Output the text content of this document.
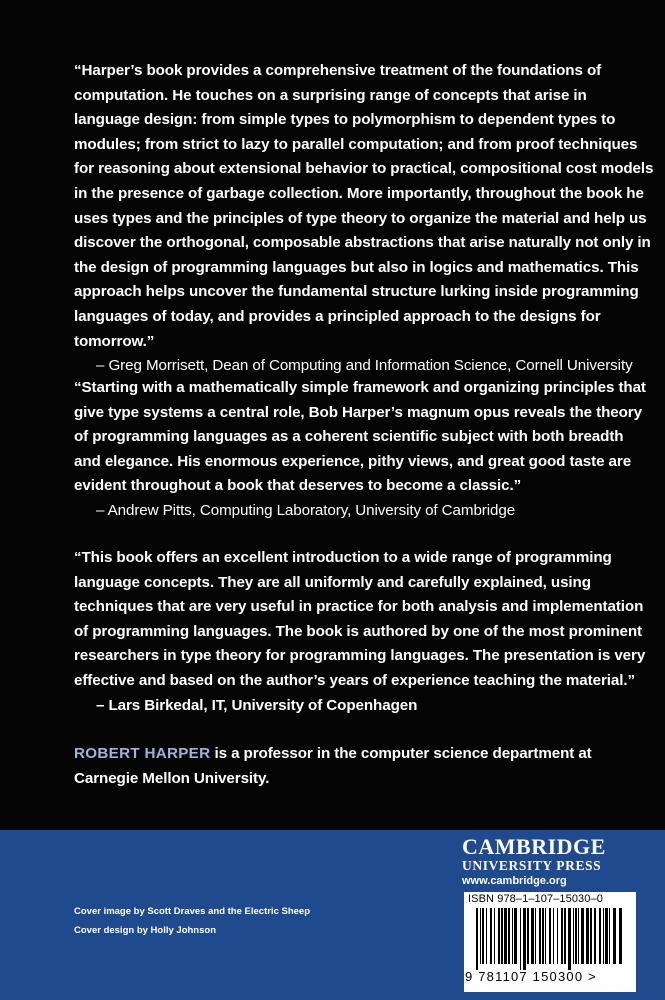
“Harper’s book provides a comprehensive treatment of the foundations of computation. He touches on a surprising range of concepts that arise in language design: from simple types to polymorphism to dependent types to modules; from strict to lazy to parallel computation; and from proof techniques for reasoning about extensional behavior to practical, compositional cost models in the presence of garbage collection. More importantly, throughout the book he uses types and the principles of type theory to organize the material and help us discover the orthogonal, composable abstractions that arise naturally not only in the design of programming languages but also in logics and mathematics. This approach helps uncover the fundamental structure lurking inside programming languages of today, and provides a principled approach to the designs for tomorrow.”
– Greg Morrisett, Dean of Computing and Information Science, Cornell University
“Starting with a mathematically simple framework and organizing principles that give type systems a central role, Bob Harper’s magnum opus reveals the theory of programming languages as a coherent scientific subject with both breadth and elegance. His enormous experience, pithy views, and great good taste are evident throughout a book that deserves to become a classic.”
– Andrew Pitts, Computing Laboratory, University of Cambridge
“This book offers an excellent introduction to a wide range of programming language concepts. They are all uniformly and carefully explained, using techniques that are very useful in practice for both analysis and implementation of programming languages. The book is authored by one of the most prominent researchers in type theory for programming languages. The presentation is very effective and based on the author’s years of experience teaching the material.”
– Lars Birkedal, IT, University of Copenhagen
ROBERT HARPER is a professor in the computer science department at Carnegie Mellon University.
Cover image by Scott Draves and the Electric Sheep
Cover design by Holly Johnson
CAMBRIDGE
UNIVERSITY PRESS
www.cambridge.org
ISBN 978–1–107–15030–0
9 781107 150300 >
